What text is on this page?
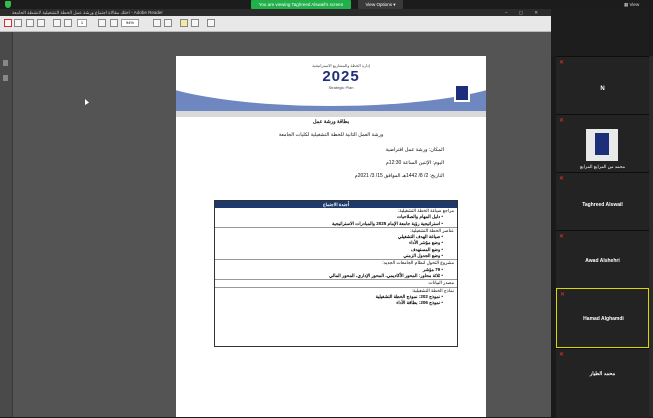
You are viewing Taghreed Alswail's screen	View Options ▾	▦ View
اخلك مقالاة اجتماع ورشة عمل الخطة التشغيلية لانشطة الجامعة - Adobe Reader	– ▢ ✕
1	94%
رؤية
2030
إدارة الخطة والمشاريع الاستراتيجية
2025
Strategic Plan
بطاقة ورشة عمل
ورشة العمل الثانية للخطة التشغيلية لكليات الجامعة
المكان: ورشة عمل افتراضية
اليوم: الإثنين الساعة 12:30م
التاريخ: 2/ 8/ 1442هـ الموافق 15/ 3/ 2021م
أجندة الاجتماع
مراجع صياغة الخطة التشغيلية:
• دليل المهام والصلاحيات
• استراتيجية رؤية جامعة الإمام 2025 والمبادرات الاستراتيجية
عناصر الخطة التشغيلية:
• صياغة الهدف التشغيلي
• وضع مؤشر الأداء
• وضع المستهدف
• وضع الجدول الزمني
مشروع التحول لنظام الجامعات الجديد:
• 79 مؤشر
• ثلاثة محاور: المحور الأكاديمي، المحور الإداري، المحور المالي
مصدر البيانات
نماذج الخطة التشغيلية:
• نموذج 202: نموذج الخطة التشغيلية
• نموذج 206: بطاقة الأداء
✕
N
✕
محمد من المرابع المرابع
✕
Taghreed Alswail
✕
Awad Alshehri
✕
Hamad Alghamdi
✕
محمد الطيار
